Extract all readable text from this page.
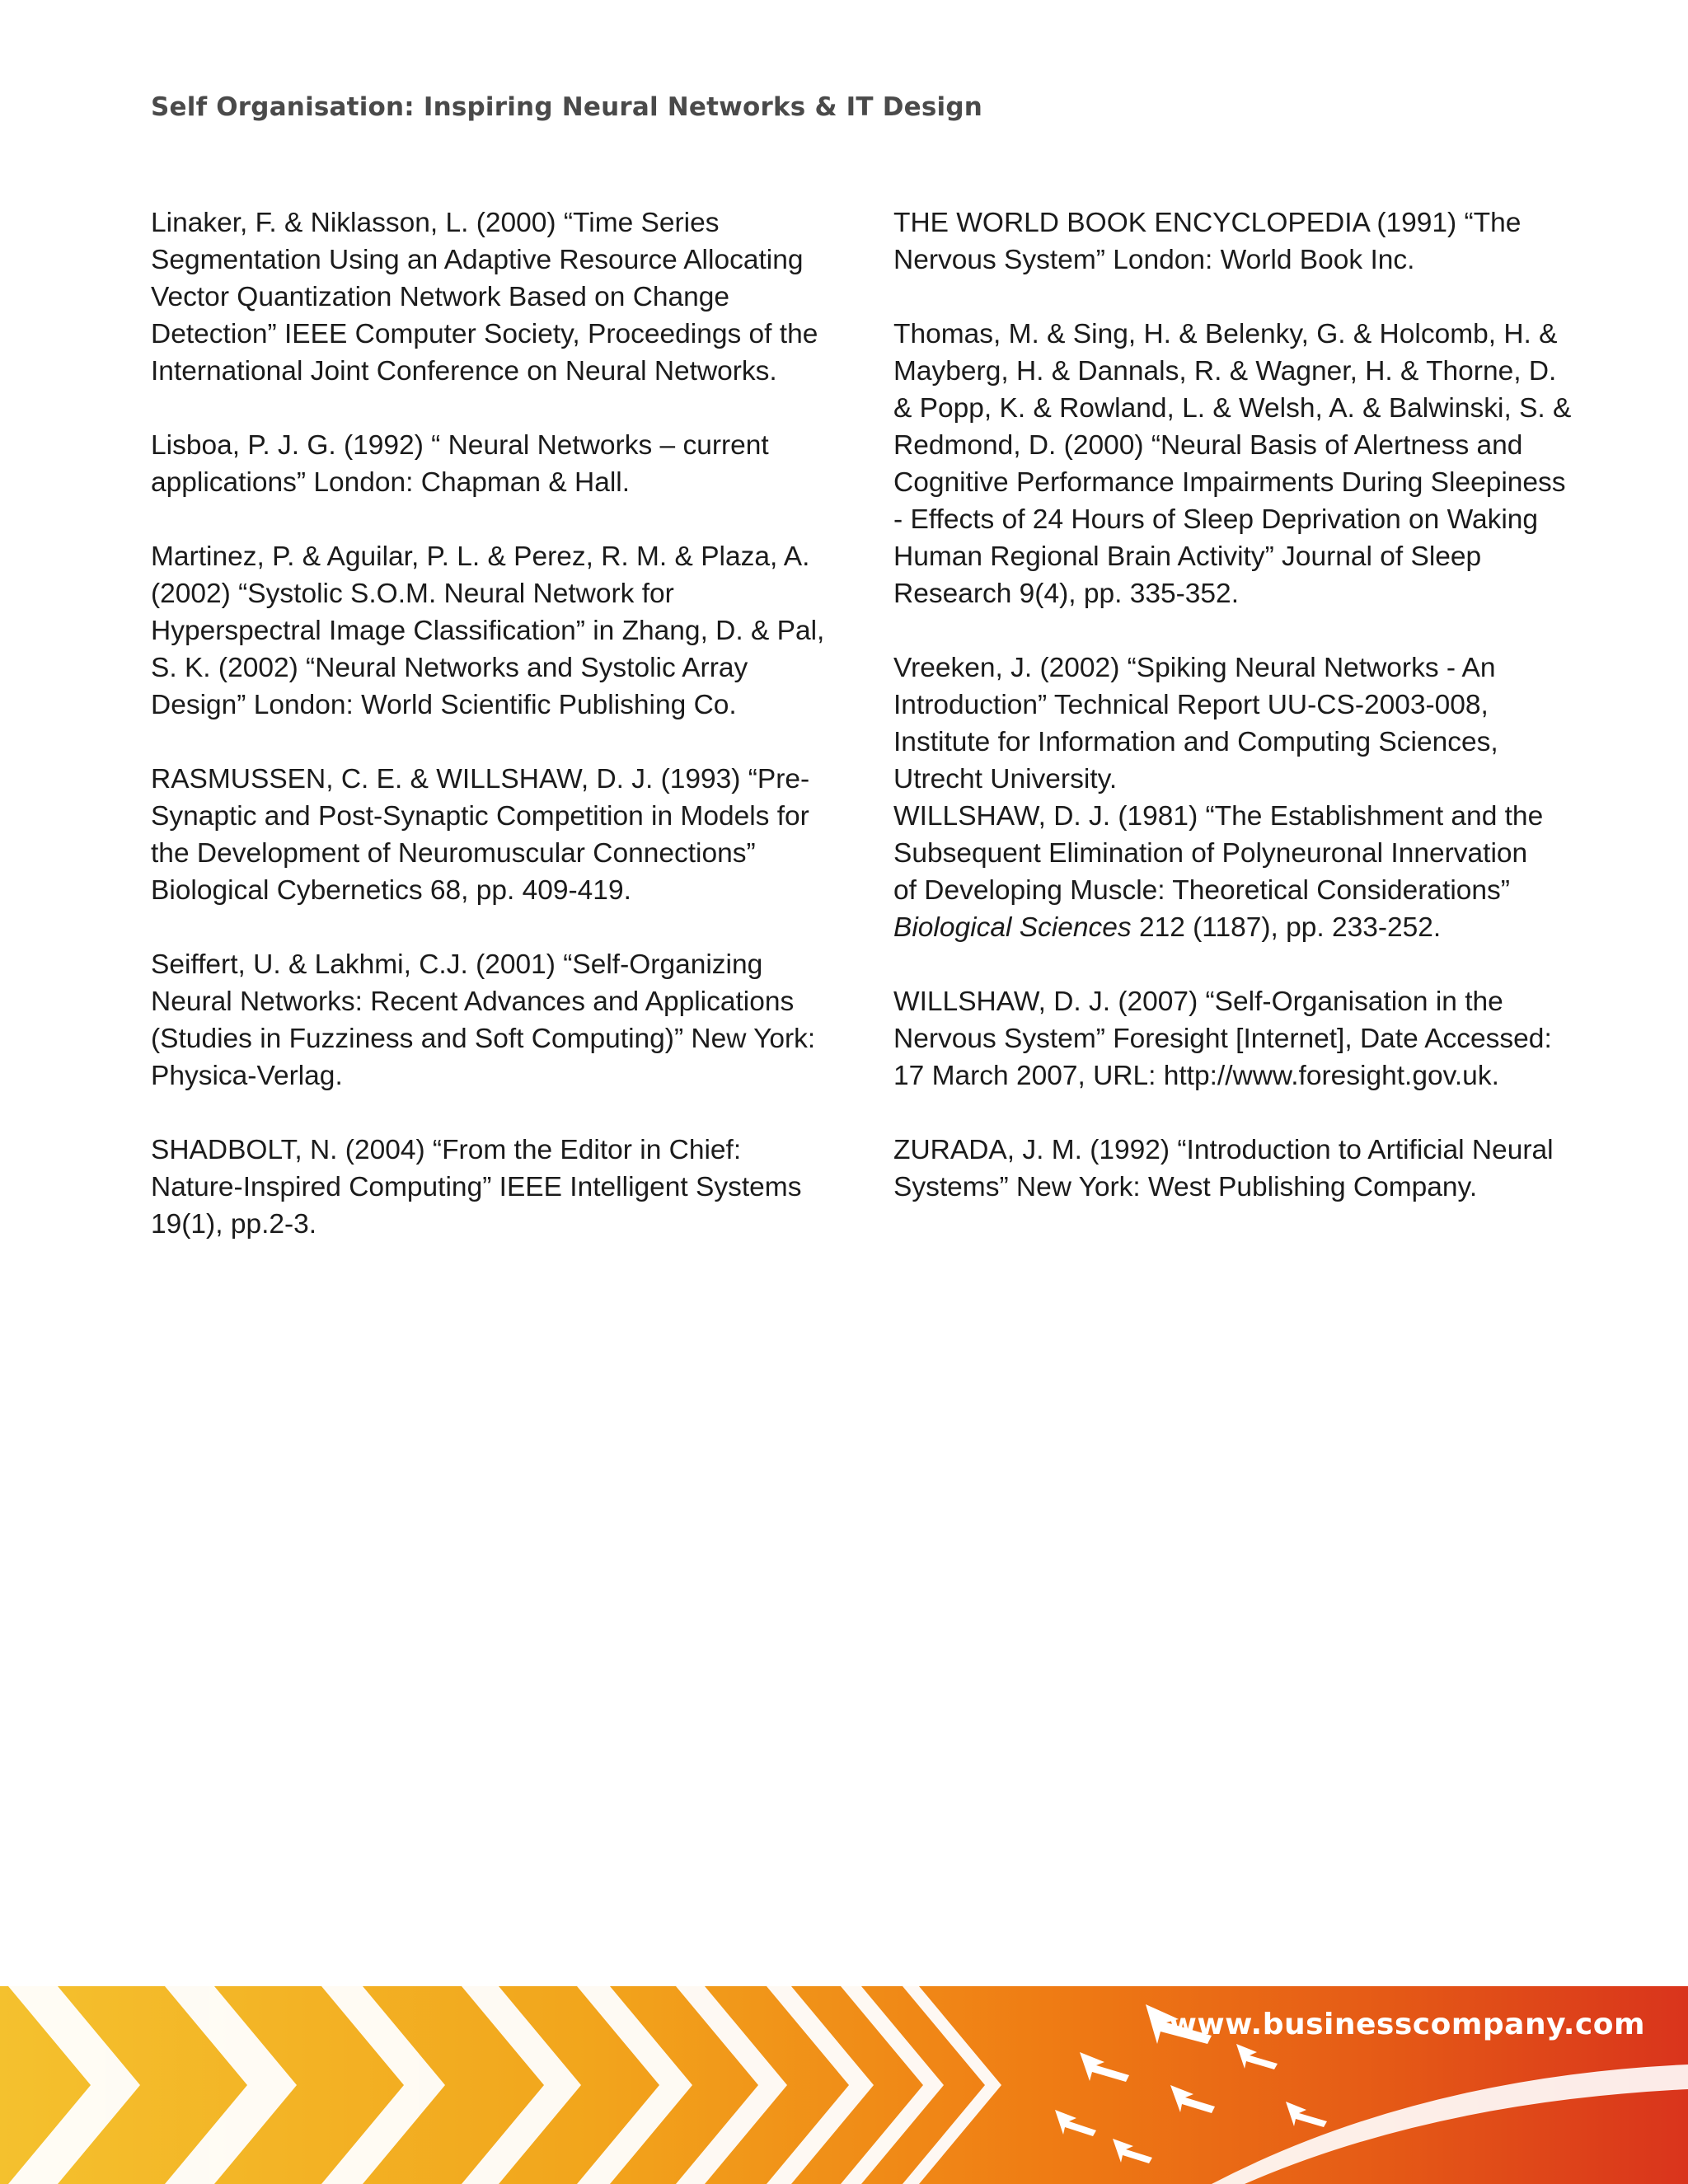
Self Organisation: Inspiring Neural Networks & IT Design

Linaker, F. & Niklasson, L. (2000) “Time Series
Segmentation Using an Adaptive Resource Allocating
Vector Quantization Network Based on Change
Detection” IEEE Computer Society, Proceedings of the
International Joint Conference on Neural Networks.

Lisboa, P. J. G. (1992) “ Neural Networks – current
applications” London: Chapman & Hall.

Martinez, P. & Aguilar, P. L. & Perez, R. M. & Plaza, A.
(2002) “Systolic S.O.M. Neural Network for
Hyperspectral Image Classification” in Zhang, D. & Pal,
S. K. (2002) “Neural Networks and Systolic Array
Design” London: World Scientific Publishing Co.

RASMUSSEN, C. E. & WILLSHAW, D. J. (1993) “Pre-
Synaptic and Post-Synaptic Competition in Models for
the Development of Neuromuscular Connections”
Biological Cybernetics 68, pp. 409-419.

Seiffert, U. & Lakhmi, C.J. (2001) “Self-Organizing
Neural Networks: Recent Advances and Applications
(Studies in Fuzziness and Soft Computing)” New York:
Physica-Verlag.

SHADBOLT, N. (2004) “From the Editor in Chief:
Nature-Inspired Computing” IEEE Intelligent Systems
19(1), pp.2-3.

THE WORLD BOOK ENCYCLOPEDIA (1991) “The
Nervous System” London: World Book Inc.

Thomas, M. & Sing, H. & Belenky, G. & Holcomb, H. &
Mayberg, H. & Dannals, R. & Wagner, H. & Thorne, D.
& Popp, K. & Rowland, L. & Welsh, A. & Balwinski, S. &
Redmond, D. (2000) “Neural Basis of Alertness and
Cognitive Performance Impairments During Sleepiness
- Effects of 24 Hours of Sleep Deprivation on Waking
Human Regional Brain Activity” Journal of Sleep
Research 9(4), pp. 335-352.

Vreeken, J. (2002) “Spiking Neural Networks - An
Introduction” Technical Report UU-CS-2003-008,
Institute for Information and Computing Sciences,
Utrecht University.

WILLSHAW, D. J. (1981) “The Establishment and the
Subsequent Elimination of Polyneuronal Innervation
of Developing Muscle: Theoretical Considerations”
Biological Sciences 212 (1187), pp. 233-252.

WILLSHAW, D. J. (2007) “Self-Organisation in the
Nervous System” Foresight [Internet], Date Accessed:
17 March 2007, URL: http://www.foresight.gov.uk.

ZURADA, J. M. (1992) “Introduction to Artificial Neural
Systems” New York: West Publishing Company.

www.businesscompany.com
